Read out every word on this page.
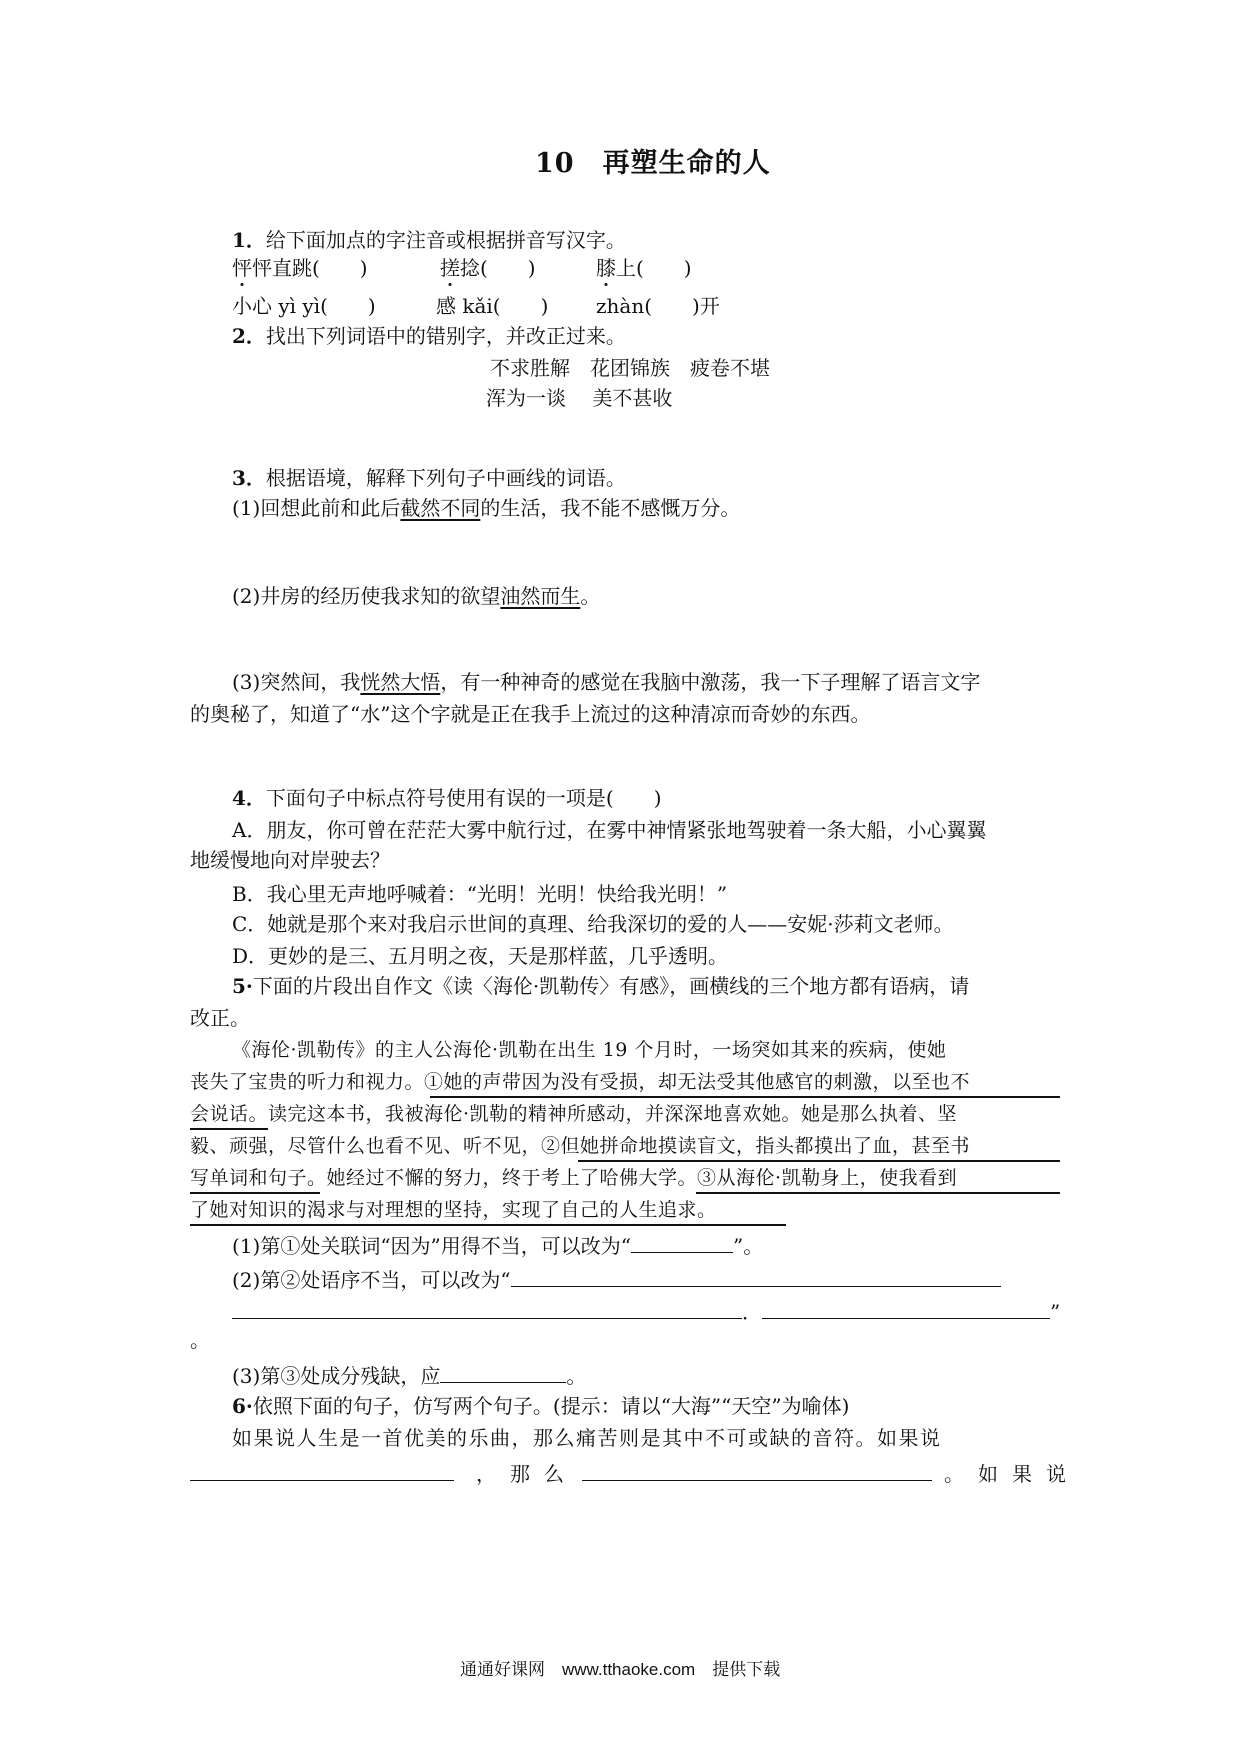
10　再塑生命的人
1．给下面加点的字注音或根据拼音写汉字。
怦怦直跳(　　)	搓捻(　　)	膝上(　　)
小心 yì yì(　　)	感 kǎi(　　) zhàn(　　)开
2．找出下列词语中的错别字，并改正过来。
不求胜解　花团锦族　疲卷不堪
浑为一谈　 美不甚收
3．根据语境，解释下列句子中画线的词语。
(1)回想此前和此后截然不同的生活，我不能不感慨万分。
(2)井房的经历使我求知的欲望油然而生。
(3)突然间，我恍然大悟，有一种神奇的感觉在我脑中激荡，我一下子理解了语言文字
的奥秘了，知道了“水”这个字就是正在我手上流过的这种清凉而奇妙的东西。
4．下面句子中标点符号使用有误的一项是(　　)
A．朋友，你可曾在茫茫大雾中航行过，在雾中神情紧张地驾驶着一条大船，小心翼翼
地缓慢地向对岸驶去？
B．我心里无声地呼喊着：“光明！光明！快给我光明！”
C．她就是那个来对我启示世间的真理、给我深切的爱的人——安妮·莎莉文老师。
D．更妙的是三、五月明之夜，天是那样蓝，几乎透明。
5·下面的片段出自作文《读〈海伦·凯勒传〉有感》，画横线的三个地方都有语病，请
改正。
《海伦·凯勒传》的主人公海伦·凯勒在出生 19 个月时，一场突如其来的疾病，使她
丧失了宝贵的听力和视力。①她的声带因为没有受损，却无法受其他感官的刺激，以至也不
会说话。读完这本书，我被海伦·凯勒的精神所感动，并深深地喜欢她。她是那么执着、坚
毅、顽强，尽管什么也看不见、听不见，②但她拼命地摸读盲文，指头都摸出了血，甚至书
写单词和句子。她经过不懈的努力，终于考上了哈佛大学。③从海伦·凯勒身上，使我看到
了她对知识的渴求与对理想的坚持，实现了自己的人生追求。
(1)第①处关联词“因为”用得不当，可以改为“	”。
(2)第②处语序不当，可以改为“
．	”
。
(3)第③处成分残缺，应	。
6·依照下面的句子，仿写两个句子。(提示：请以“大海”“天空”为喻体)
如果说人生是一首优美的乐曲，那么痛苦则是其中不可或缺的音符。如果说
，那么	。如果说
通通好课网　www.tthaoke.com　提供下载
